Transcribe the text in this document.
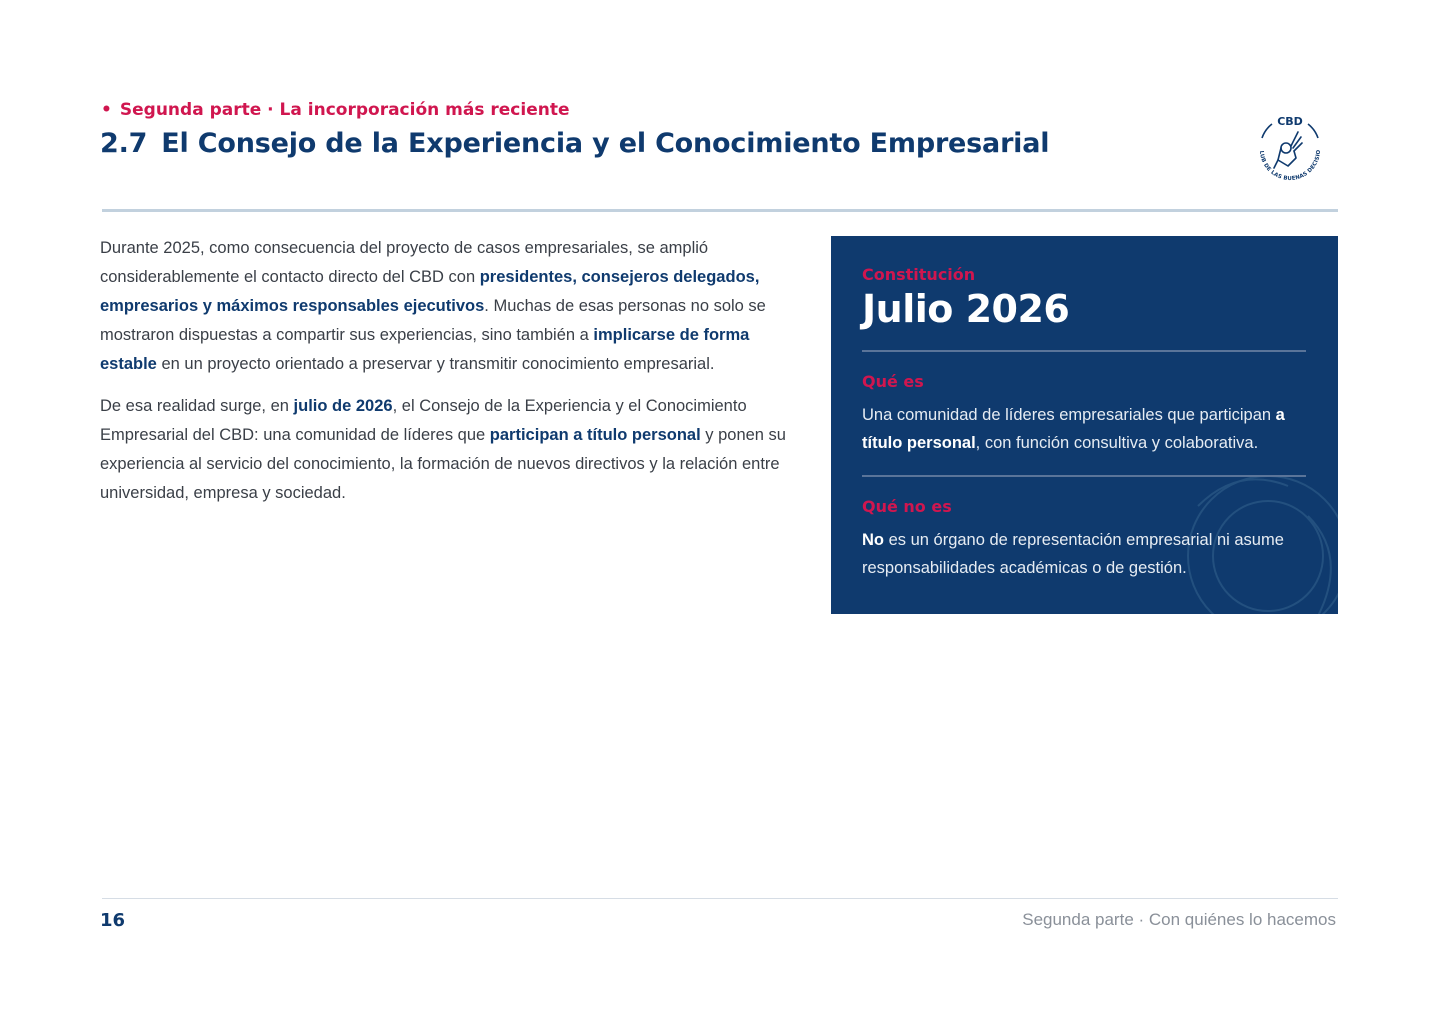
• Segunda parte · La incorporación más reciente
2.7 El Consejo de la Experiencia y el Conocimiento Empresarial
CBD
LUB DE LAS BUENAS DECISIO

Durante 2025, como consecuencia del proyecto de casos empresariales, se amplió considerablemente el contacto directo del CBD con presidentes, consejeros delegados, empresarios y máximos responsables ejecutivos. Muchas de esas personas no solo se mostraron dispuestas a compartir sus experiencias, sino también a implicarse de forma estable en un proyecto orientado a preservar y transmitir conocimiento empresarial.

De esa realidad surge, en julio de 2026, el Consejo de la Experiencia y el Conocimiento Empresarial del CBD: una comunidad de líderes que participan a título personal y ponen su experiencia al servicio del conocimiento, la formación de nuevos directivos y la relación entre universidad, empresa y sociedad.

Constitución
Julio 2026
Qué es
Una comunidad de líderes empresariales que participan a título personal, con función consultiva y colaborativa.
Qué no es
No es un órgano de representación empresarial ni asume responsabilidades académicas o de gestión.
16	Segunda parte · Con quiénes lo hacemos
